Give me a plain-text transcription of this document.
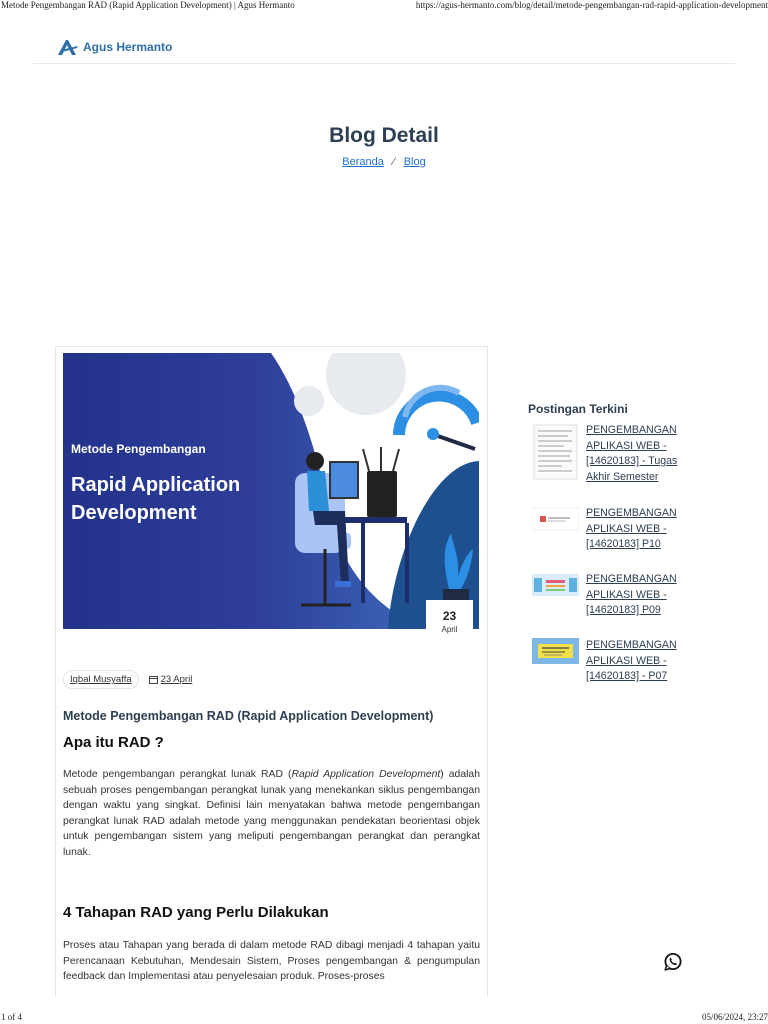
Metode Pengembangan RAD (Rapid Application Development) | Agus Hermanto	https://agus-hermanto.com/blog/detail/metode-pengembangan-rad-rapid-application-development
Agus Hermanto
Blog Detail
Beranda ⁄ Blog
Metode Pengembangan
Rapid Application
Development
23
April
Iqbal Musyaffa	23 April
Metode Pengembangan RAD (Rapid Application Development)
Apa itu RAD ?

Metode pengembangan perangkat lunak RAD (Rapid Application Development) adalah sebuah proses pengembangan perangkat lunak yang menekankan siklus pengembangan dengan waktu yang singkat. Definisi lain menyatakan bahwa metode pengembangan perangkat lunak RAD adalah metode yang menggunakan pendekatan beorientasi objek untuk pengembangan sistem yang meliputi pengembangan perangkat dan perangkat lunak.

4 Tahapan RAD yang Perlu Dilakukan

Proses atau Tahapan yang berada di dalam metode RAD dibagi menjadi 4 tahapan yaitu Perencanaan Kebutuhan, Mendesain Sistem, Proses pengembangan & pengumpulan feedback dan Implementasi atau penyelesaian produk. Proses-proses

Postingan Terkini
PENGEMBANGAN APLIKASI WEB - [14620183] - Tugas Akhir Semester
PENGEMBANGAN APLIKASI WEB - [14620183] P10
PENGEMBANGAN APLIKASI WEB - [14620183] P09
PENGEMBANGAN APLIKASI WEB - [14620183] - P07
1 of 4	05/06/2024, 23:27
